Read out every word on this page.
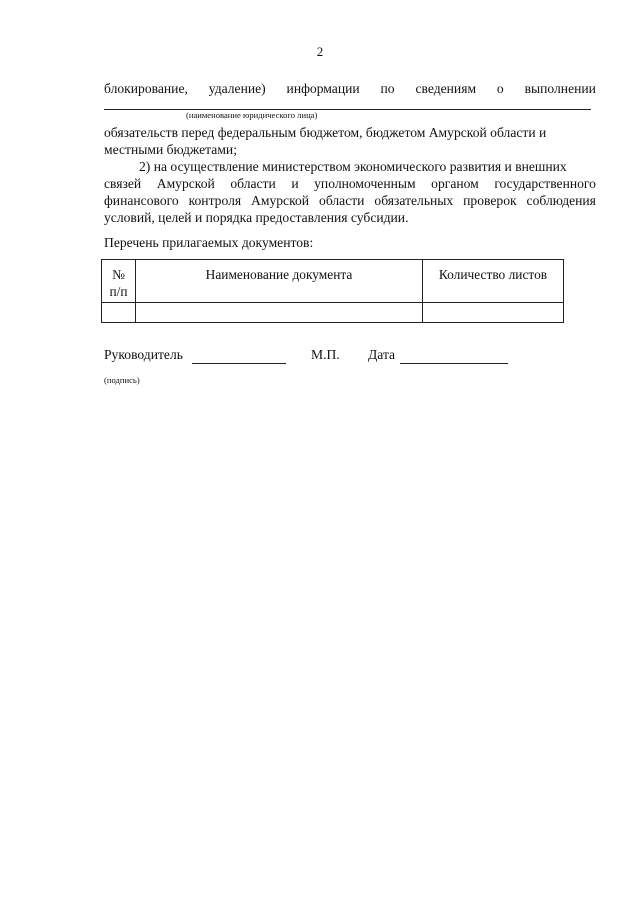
2
блокирование, удаление) информации по сведениям о выполнении
(наименование юридического лица)
обязательств перед федеральным бюджетом, бюджетом Амурской области и
местными бюджетами;
2) на осуществление министерством экономического развития и внешних
связей Амурской области и уполномоченным органом государственного
финансового контроля Амурской области обязательных проверок соблюдения
условий, целей и порядка предоставления субсидии.
Перечень прилагаемых документов:
№
п/п	Наименование документа	Количество листов

Руководитель	М.П. Дата
(подпись)
